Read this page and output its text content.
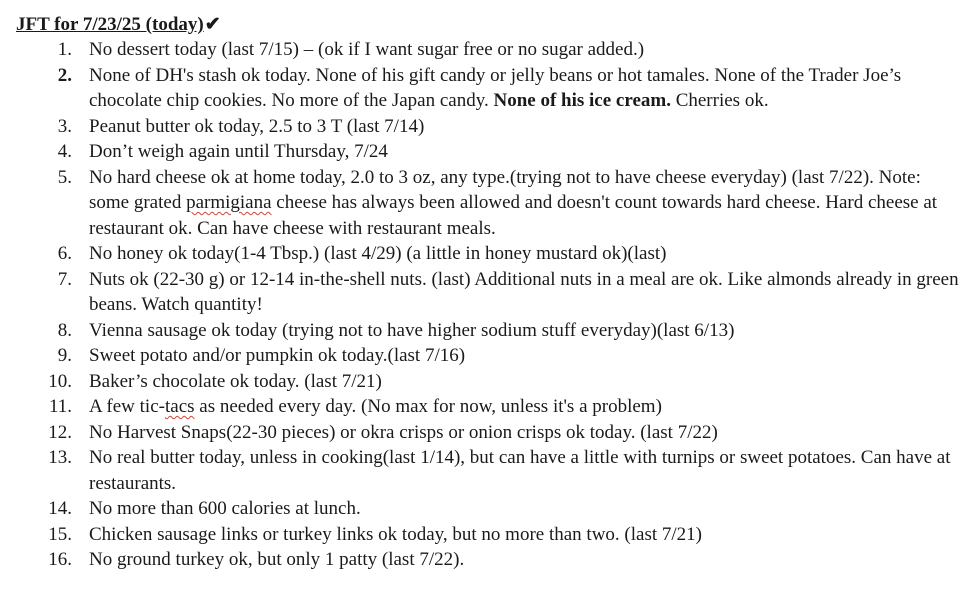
JFT for 7/23/25 (today)✔
1. No dessert today (last 7/15) – (ok if I want sugar free or no sugar added.)
2. None of DH's stash ok today. None of his gift candy or jelly beans or hot tamales. None of the Trader Joe’s chocolate chip cookies. No more of the Japan candy. None of his ice cream. Cherries ok.
3. Peanut butter ok today, 2.5 to 3 T (last 7/14)
4. Don’t weigh again until Thursday, 7/24
5. No hard cheese ok at home today, 2.0 to 3 oz, any type.(trying not to have cheese everyday) (last 7/22). Note: some grated parmigiana cheese has always been allowed and doesn't count towards hard cheese. Hard cheese at restaurant ok. Can have cheese with restaurant meals.
6. No honey ok today(1-4 Tbsp.) (last 4/29) (a little in honey mustard ok)(last)
7. Nuts ok (22-30 g) or 12-14 in-the-shell nuts. (last) Additional nuts in a meal are ok. Like almonds already in green beans. Watch quantity!
8. Vienna sausage ok today (trying not to have higher sodium stuff everyday)(last 6/13)
9. Sweet potato and/or pumpkin ok today.(last 7/16)
10. Baker’s chocolate ok today. (last 7/21)
11. A few tic-tacs as needed every day. (No max for now, unless it's a problem)
12. No Harvest Snaps(22-30 pieces) or okra crisps or onion crisps ok today. (last 7/22)
13. No real butter today, unless in cooking(last 1/14), but can have a little with turnips or sweet potatoes. Can have at restaurants.
14. No more than 600 calories at lunch.
15. Chicken sausage links or turkey links ok today, but no more than two. (last 7/21)
16. No ground turkey ok, but only 1 patty (last 7/22).
